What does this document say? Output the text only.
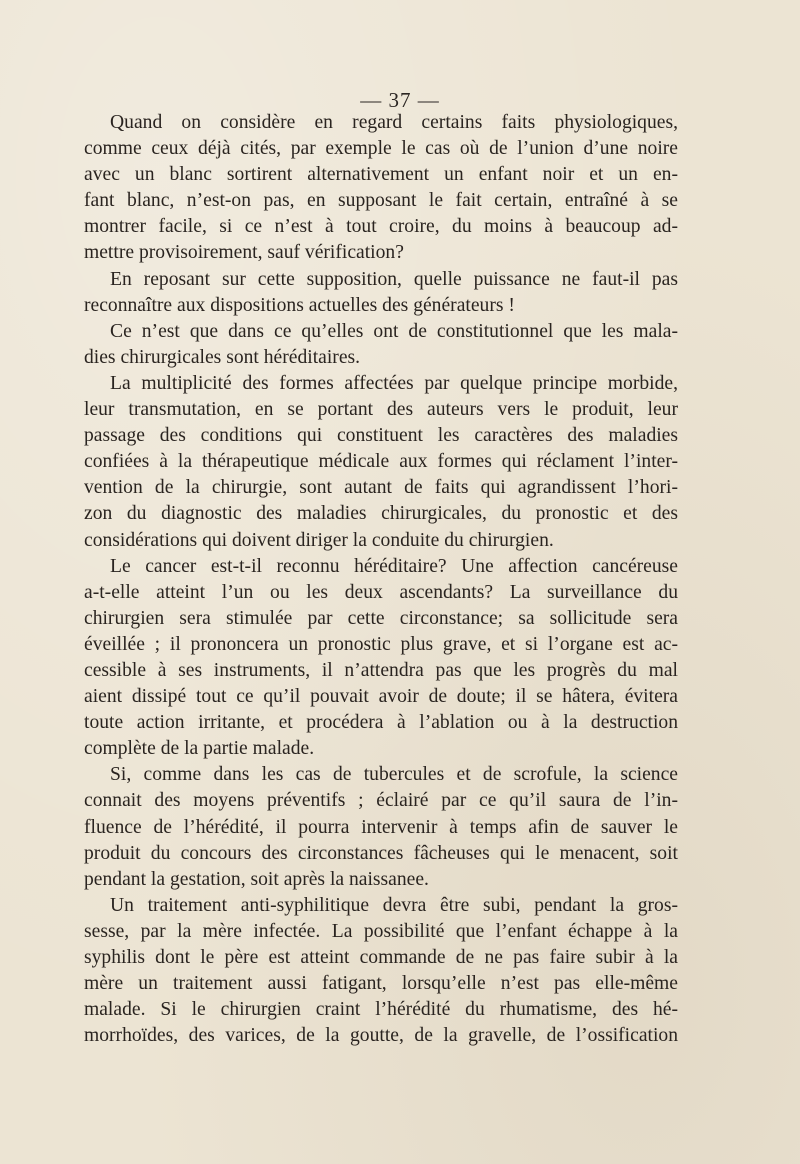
— 37 —
Quand on considère en regard certains faits physiologiques,
comme ceux déjà cités, par exemple le cas où de l’union d’une noire
avec un blanc sortirent alternativement un enfant noir et un en-
fant blanc, n’est-on pas, en supposant le fait certain, entraîné à se
montrer facile, si ce n’est à tout croire, du moins à beaucoup ad-
mettre provisoirement, sauf vérification?
En reposant sur cette supposition, quelle puissance ne faut-il pas
reconnaître aux dispositions actuelles des générateurs !
Ce n’est que dans ce qu’elles ont de constitutionnel que les mala-
dies chirurgicales sont héréditaires.
La multiplicité des formes affectées par quelque principe morbide,
leur transmutation, en se portant des auteurs vers le produit, leur
passage des conditions qui constituent les caractères des maladies
confiées à la thérapeutique médicale aux formes qui réclament l’inter-
vention de la chirurgie, sont autant de faits qui agrandissent l’hori-
zon du diagnostic des maladies chirurgicales, du pronostic et des
considérations qui doivent diriger la conduite du chirurgien.
Le cancer est-t-il reconnu héréditaire? Une affection cancéreuse
a-t-elle atteint l’un ou les deux ascendants? La surveillance du
chirurgien sera stimulée par cette circonstance; sa sollicitude sera
éveillée ; il prononcera un pronostic plus grave, et si l’organe est ac-
cessible à ses instruments, il n’attendra pas que les progrès du mal
aient dissipé tout ce qu’il pouvait avoir de doute; il se hâtera, évitera
toute action irritante, et procédera à l’ablation ou à la destruction
complète de la partie malade.
Si, comme dans les cas de tubercules et de scrofule, la science
connait des moyens préventifs ; éclairé par ce qu’il saura de l’in-
fluence de l’hérédité, il pourra intervenir à temps afin de sauver le
produit du concours des circonstances fâcheuses qui le menacent, soit
pendant la gestation, soit après la naissanee.
Un traitement anti-syphilitique devra être subi, pendant la gros-
sesse, par la mère infectée. La possibilité que l’enfant échappe à la
syphilis dont le père est atteint commande de ne pas faire subir à la
mère un traitement aussi fatigant, lorsqu’elle n’est pas elle-même
malade. Si le chirurgien craint l’hérédité du rhumatisme, des hé-
morrhoïdes, des varices, de la goutte, de la gravelle, de l’ossification
